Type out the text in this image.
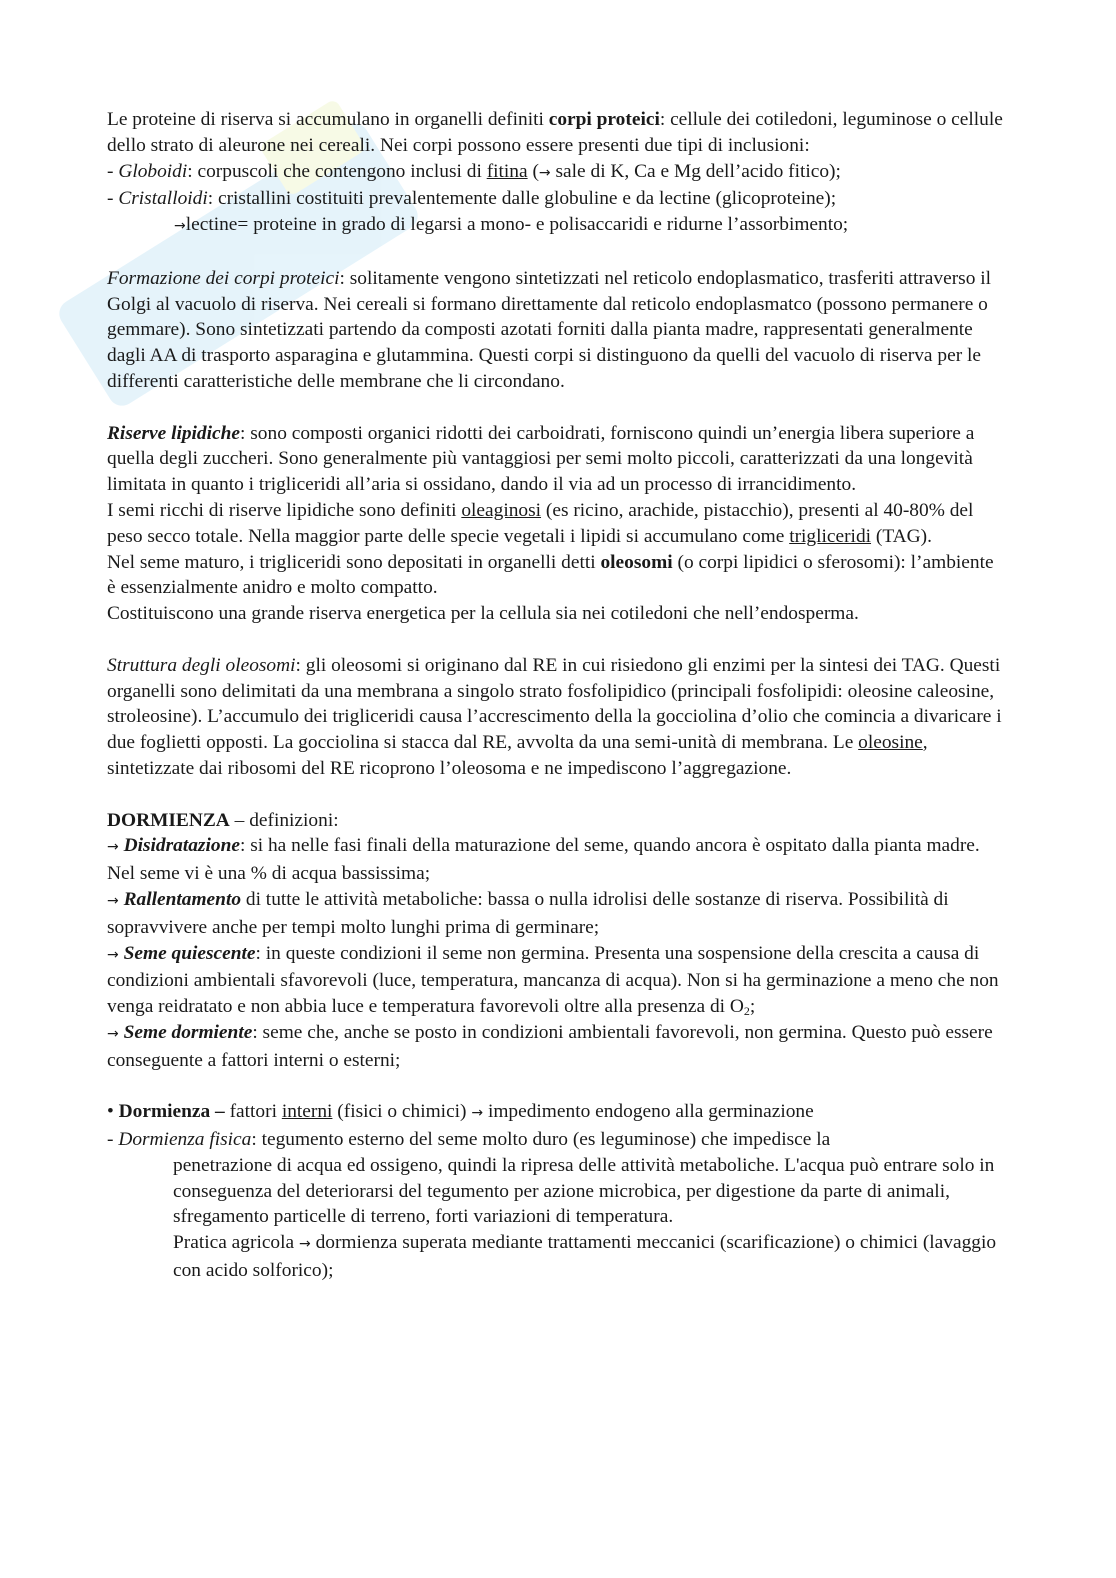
Le proteine di riserva si accumulano in organelli definiti corpi proteici: cellule dei cotiledoni, leguminose o cellule dello strato di aleurone nei cereali. Nei corpi possono essere presenti due tipi di inclusioni:

- Globoidi: corpuscoli che contengono inclusi di fitina (→ sale di K, Ca e Mg dell’acido fitico);

- Cristalloidi: cristallini costituiti prevalentemente dalle globuline e da lectine (glicoproteine);

→lectine= proteine in grado di legarsi a mono- e polisaccaridi e ridurne l’assorbimento;

Formazione dei corpi proteici: solitamente vengono sintetizzati nel reticolo endoplasmatico, trasferiti attraverso il Golgi al vacuolo di riserva. Nei cereali si formano direttamente dal reticolo endoplasmatco (possono permanere o gemmare). Sono sintetizzati partendo da composti azotati forniti dalla pianta madre, rappresentati generalmente dagli AA di trasporto asparagina e glutammina. Questi corpi si distinguono da quelli del vacuolo di riserva per le differenti caratteristiche delle membrane che li circondano.

Riserve lipidiche: sono composti organici ridotti dei carboidrati, forniscono quindi un’energia libera superiore a quella degli zuccheri. Sono generalmente più vantaggiosi per semi molto piccoli, caratterizzati da una longevità limitata in quanto i trigliceridi all’aria si ossidano, dando il via ad un processo di irrancidimento.

I semi ricchi di riserve lipidiche sono definiti oleaginosi (es ricino, arachide, pistacchio), presenti al 40-80% del peso secco totale. Nella maggior parte delle specie vegetali i lipidi si accumulano come trigliceridi (TAG).

Nel seme maturo, i trigliceridi sono depositati in organelli detti oleosomi (o corpi lipidici o sferosomi): l’ambiente è essenzialmente anidro e molto compatto.

Costituiscono una grande riserva energetica per la cellula sia nei cotiledoni che nell’endosperma.

Struttura degli oleosomi: gli oleosomi si originano dal RE in cui risiedono gli enzimi per la sintesi dei TAG. Questi organelli sono delimitati da una membrana a singolo strato fosfolipidico (principali fosfolipidi: oleosine caleosine, stroleosine). L’accumulo dei trigliceridi causa l’accrescimento della la gocciolina d’olio che comincia a divaricare i due foglietti opposti. La gocciolina si stacca dal RE, avvolta da una semi-unità di membrana. Le oleosine, sintetizzate dai ribosomi del RE ricoprono l’oleosoma e ne impediscono l’aggregazione.

DORMIENZA – definizioni:

→ Disidratazione: si ha nelle fasi finali della maturazione del seme, quando ancora è ospitato dalla pianta madre. Nel seme vi è una % di acqua bassissima;

→ Rallentamento di tutte le attività metaboliche: bassa o nulla idrolisi delle sostanze di riserva. Possibilità di sopravvivere anche per tempi molto lunghi prima di germinare;

→ Seme quiescente: in queste condizioni il seme non germina. Presenta una sospensione della crescita a causa di condizioni ambientali sfavorevoli (luce, temperatura, mancanza di acqua). Non si ha germinazione a meno che non venga reidratato e non abbia luce e temperatura favorevoli oltre alla presenza di $O_2$;

→ Seme dormiente: seme che, anche se posto in condizioni ambientali favorevoli, non germina. Questo può essere conseguente a fattori interni o esterni;

• Dormienza – fattori interni (fisici o chimici) → impedimento endogeno alla germinazione

- Dormienza fisica: tegumento esterno del seme molto duro (es leguminose) che impedisce la

penetrazione di acqua ed ossigeno, quindi la ripresa delle attività metaboliche. L'acqua può entrare solo in conseguenza del deteriorarsi del tegumento per azione microbica, per digestione da parte di animali, sfregamento particelle di terreno, forti variazioni di temperatura.

Pratica agricola → dormienza superata mediante trattamenti meccanici (scarificazione) o chimici (lavaggio con acido solforico);
